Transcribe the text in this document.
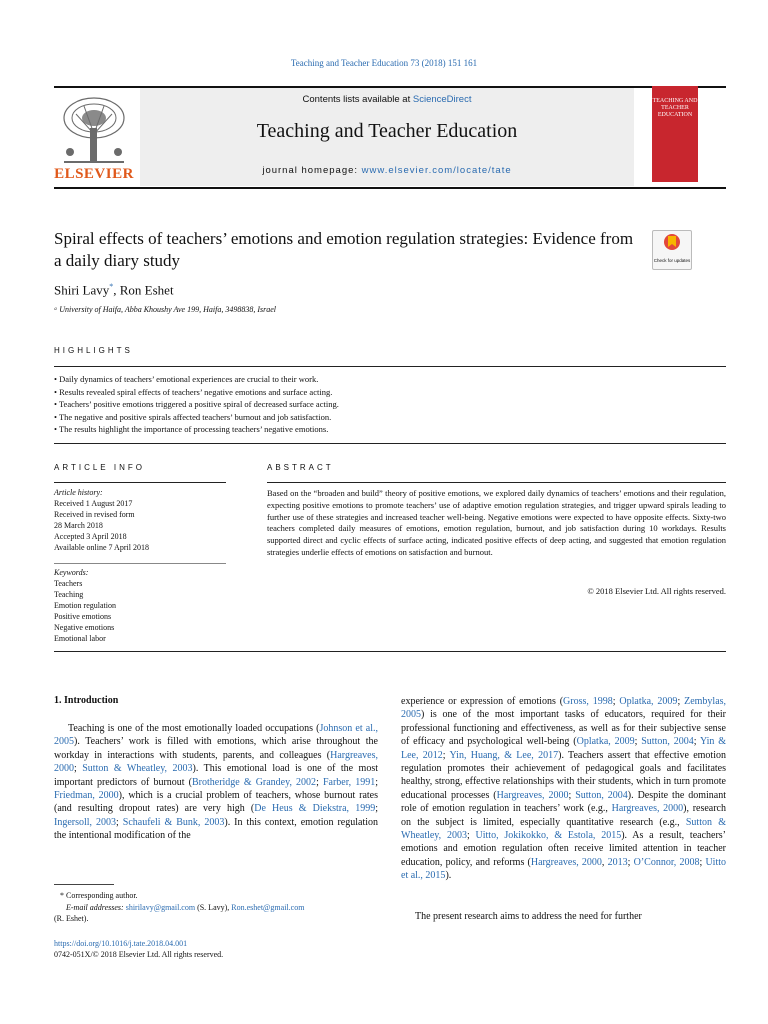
Teaching and Teacher Education 73 (2018) 151 161
ELSEVIER
Contents lists available at ScienceDirect
Teaching and Teacher Education
journal homepage: www.elsevier.com/locate/tate
TEACHING AND TEACHER EDUCATION
Spiral effects of teachers’ emotions and emotion regulation strategies: Evidence from a daily diary study	Check for updates
Shiri Lavy*, Ron Eshet
ᵃ University of Haifa, Abba Khoushy Ave 199, Haifa, 3498838, Israel
HIGHLIGHTS
• Daily dynamics of teachers’ emotional experiences are crucial to their work.
• Results revealed spiral effects of teachers’ negative emotions and surface acting.
• Teachers’ positive emotions triggered a positive spiral of decreased surface acting.
• The negative and positive spirals affected teachers’ burnout and job satisfaction.
• The results highlight the importance of processing teachers’ negative emotions.
ARTICLE INFO
Article history:
Received 1 August 2017
Received in revised form
28 March 2018
Accepted 3 April 2018
Available online 7 April 2018
Keywords:
Teachers
Teaching
Emotion regulation
Positive emotions
Negative emotions
Emotional labor
ABSTRACT
Based on the “broaden and build” theory of positive emotions, we explored daily dynamics of teachers’ emotions and their regulation, expecting positive emotions to promote teachers’ use of adaptive emotion regulation strategies, and trigger upward spirals leading to further use of these strategies and increased teacher well-being. Negative emotions were expected to have opposite effects. Sixty-two teachers completed daily measures of emotions, emotion regulation, burnout, and job satisfaction during 10 workdays. Results supported direct and cyclic effects of surface acting, indicated positive effects of deep acting, and suggested that emotion regulation strategies underlie effects of emotions on satisfaction and burnout.
© 2018 Elsevier Ltd. All rights reserved.
1. Introduction
Teaching is one of the most emotionally loaded occupations (Johnson et al., 2005). Teachers’ work is filled with emotions, which arise throughout the workday in interactions with students, parents, and colleagues (Hargreaves, 2000; Sutton & Wheatley, 2003). This emotional load is one of the most important predictors of burnout (Brotheridge & Grandey, 2002; Farber, 1991; Friedman, 2000), which is a crucial problem of teachers, whose burnout rates (and resulting dropout rates) are very high (De Heus & Diekstra, 1999; Ingersoll, 2003; Schaufeli & Bunk, 2003). In this context, emotion regulation the intentional modification of the
experience or expression of emotions (Gross, 1998; Oplatka, 2009; Zembylas, 2005) is one of the most important tasks of educators, required for their professional functioning and effectiveness, as well as for their subjective sense of efficacy and psychological well-being (Oplatka, 2009; Sutton, 2004; Yin & Lee, 2012; Yin, Huang, & Lee, 2017). Teachers assert that effective emotion regulation promotes their achievement of pedagogical goals and facilitates healthy, strong, effective relationships with their students, which in turn promote educational processes (Hargreaves, 2000; Sutton, 2004). Despite the dominant role of emotion regulation in teachers’ work (e.g., Hargreaves, 2000), research on the subject is limited, especially quantitative research (e.g., Sutton & Wheatley, 2003; Uitto, Jokikokko, & Estola, 2015). As a result, teachers’ emotions and emotion regulation often receive limited attention in teacher education, policy, and reforms (Hargreaves, 2000, 2013; O’Connor, 2008; Uitto et al., 2015).
The present research aims to address the need for further
* Corresponding author.
E-mail addresses: shirilavy@gmail.com (S. Lavy), Ron.eshet@gmail.com
(R. Eshet).
https://doi.org/10.1016/j.tate.2018.04.001
0742-051X/© 2018 Elsevier Ltd. All rights reserved.
